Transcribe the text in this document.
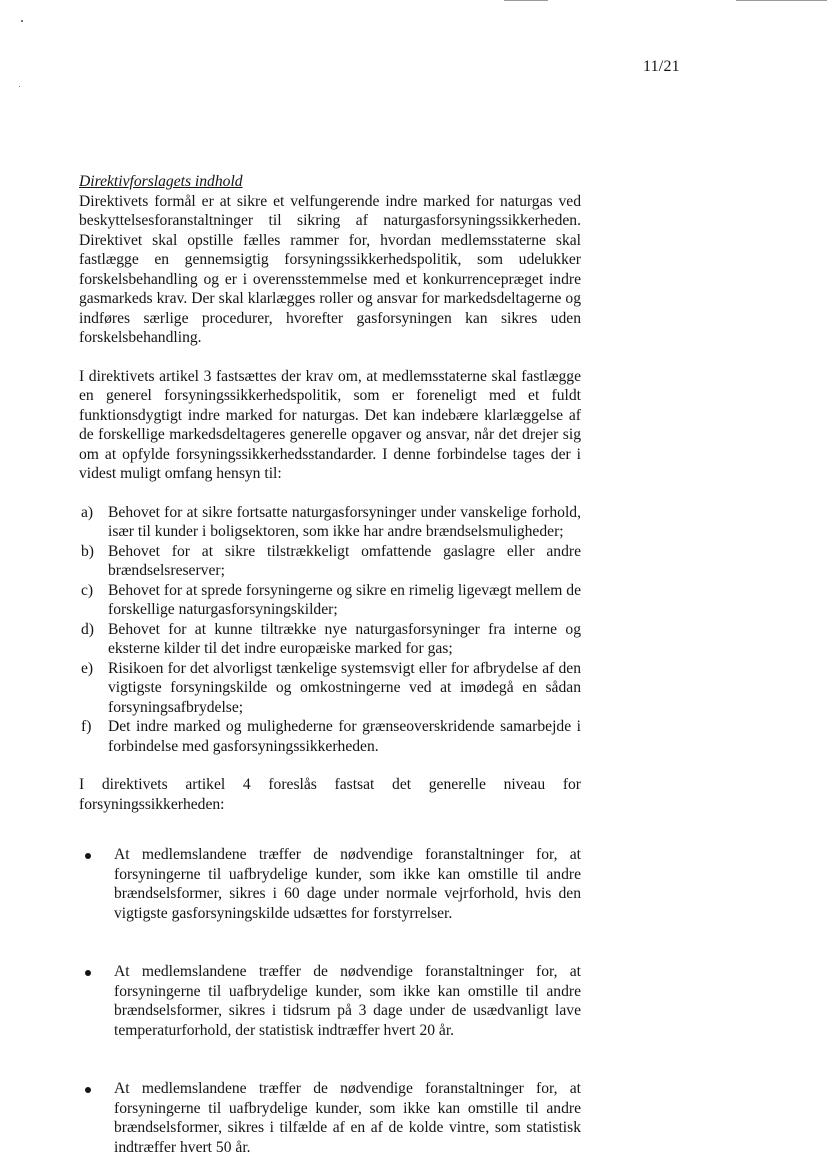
11/21

Direktivforslagets indhold

Direktivets formål er at sikre et velfungerende indre marked for naturgas ved beskyttelsesforanstaltninger til sikring af naturgasforsyningssikkerheden. Direktivet skal opstille fælles rammer for, hvordan medlemsstaterne skal fastlægge en gennemsigtig forsyningssikkerhedspolitik, som udelukker forskelsbehandling og er i overensstemmelse med et konkurrencepræget indre gasmarkeds krav. Der skal klarlægges roller og ansvar for markedsdeltagerne og indføres særlige procedurer, hvorefter gasforsyningen kan sikres uden forskelsbehandling.

I direktivets artikel 3 fastsættes der krav om, at medlemsstaterne skal fastlægge en generel forsyningssikkerhedspolitik, som er foreneligt med et fuldt funktionsdygtigt indre marked for naturgas. Det kan indebære klarlæggelse af de forskellige markedsdeltageres generelle opgaver og ansvar, når det drejer sig om at opfylde forsyningssikkerhedsstandarder. I denne forbindelse tages der i videst muligt omfang hensyn til:

a) Behovet for at sikre fortsatte naturgasforsyninger under vanskelige forhold, især til kunder i boligsektoren, som ikke har andre brændselsmuligheder;
b) Behovet for at sikre tilstrækkeligt omfattende gaslagre eller andre brændselsreserver;
c) Behovet for at sprede forsyningerne og sikre en rimelig ligevægt mellem de forskellige naturgasforsyningskilder;
d) Behovet for at kunne tiltrække nye naturgasforsyninger fra interne og eksterne kilder til det indre europæiske marked for gas;
e) Risikoen for det alvorligst tænkelige systemsvigt eller for afbrydelse af den vigtigste forsyningskilde og omkostningerne ved at imødegå en sådan forsyningsafbrydelse;
f) Det indre marked og mulighederne for grænseoverskridende samarbejde i forbindelse med gasforsyningssikkerheden.

I direktivets artikel 4 foreslås fastsat det generelle niveau for forsyningssikkerheden:

At medlemslandene træffer de nødvendige foranstaltninger for, at forsyningerne til uafbrydelige kunder, som ikke kan omstille til andre brændselsformer, sikres i 60 dage under normale vejrforhold, hvis den vigtigste gasforsyningskilde udsættes for forstyrrelser.
At medlemslandene træffer de nødvendige foranstaltninger for, at forsyningerne til uafbrydelige kunder, som ikke kan omstille til andre brændselsformer, sikres i tidsrum på 3 dage under de usædvanligt lave temperaturforhold, der statistisk indtræffer hvert 20 år.
At medlemslandene træffer de nødvendige foranstaltninger for, at forsyningerne til uafbrydelige kunder, som ikke kan omstille til andre brændselsformer, sikres i tilfælde af en af de kolde vintre, som statistisk indtræffer hvert 50 år.
